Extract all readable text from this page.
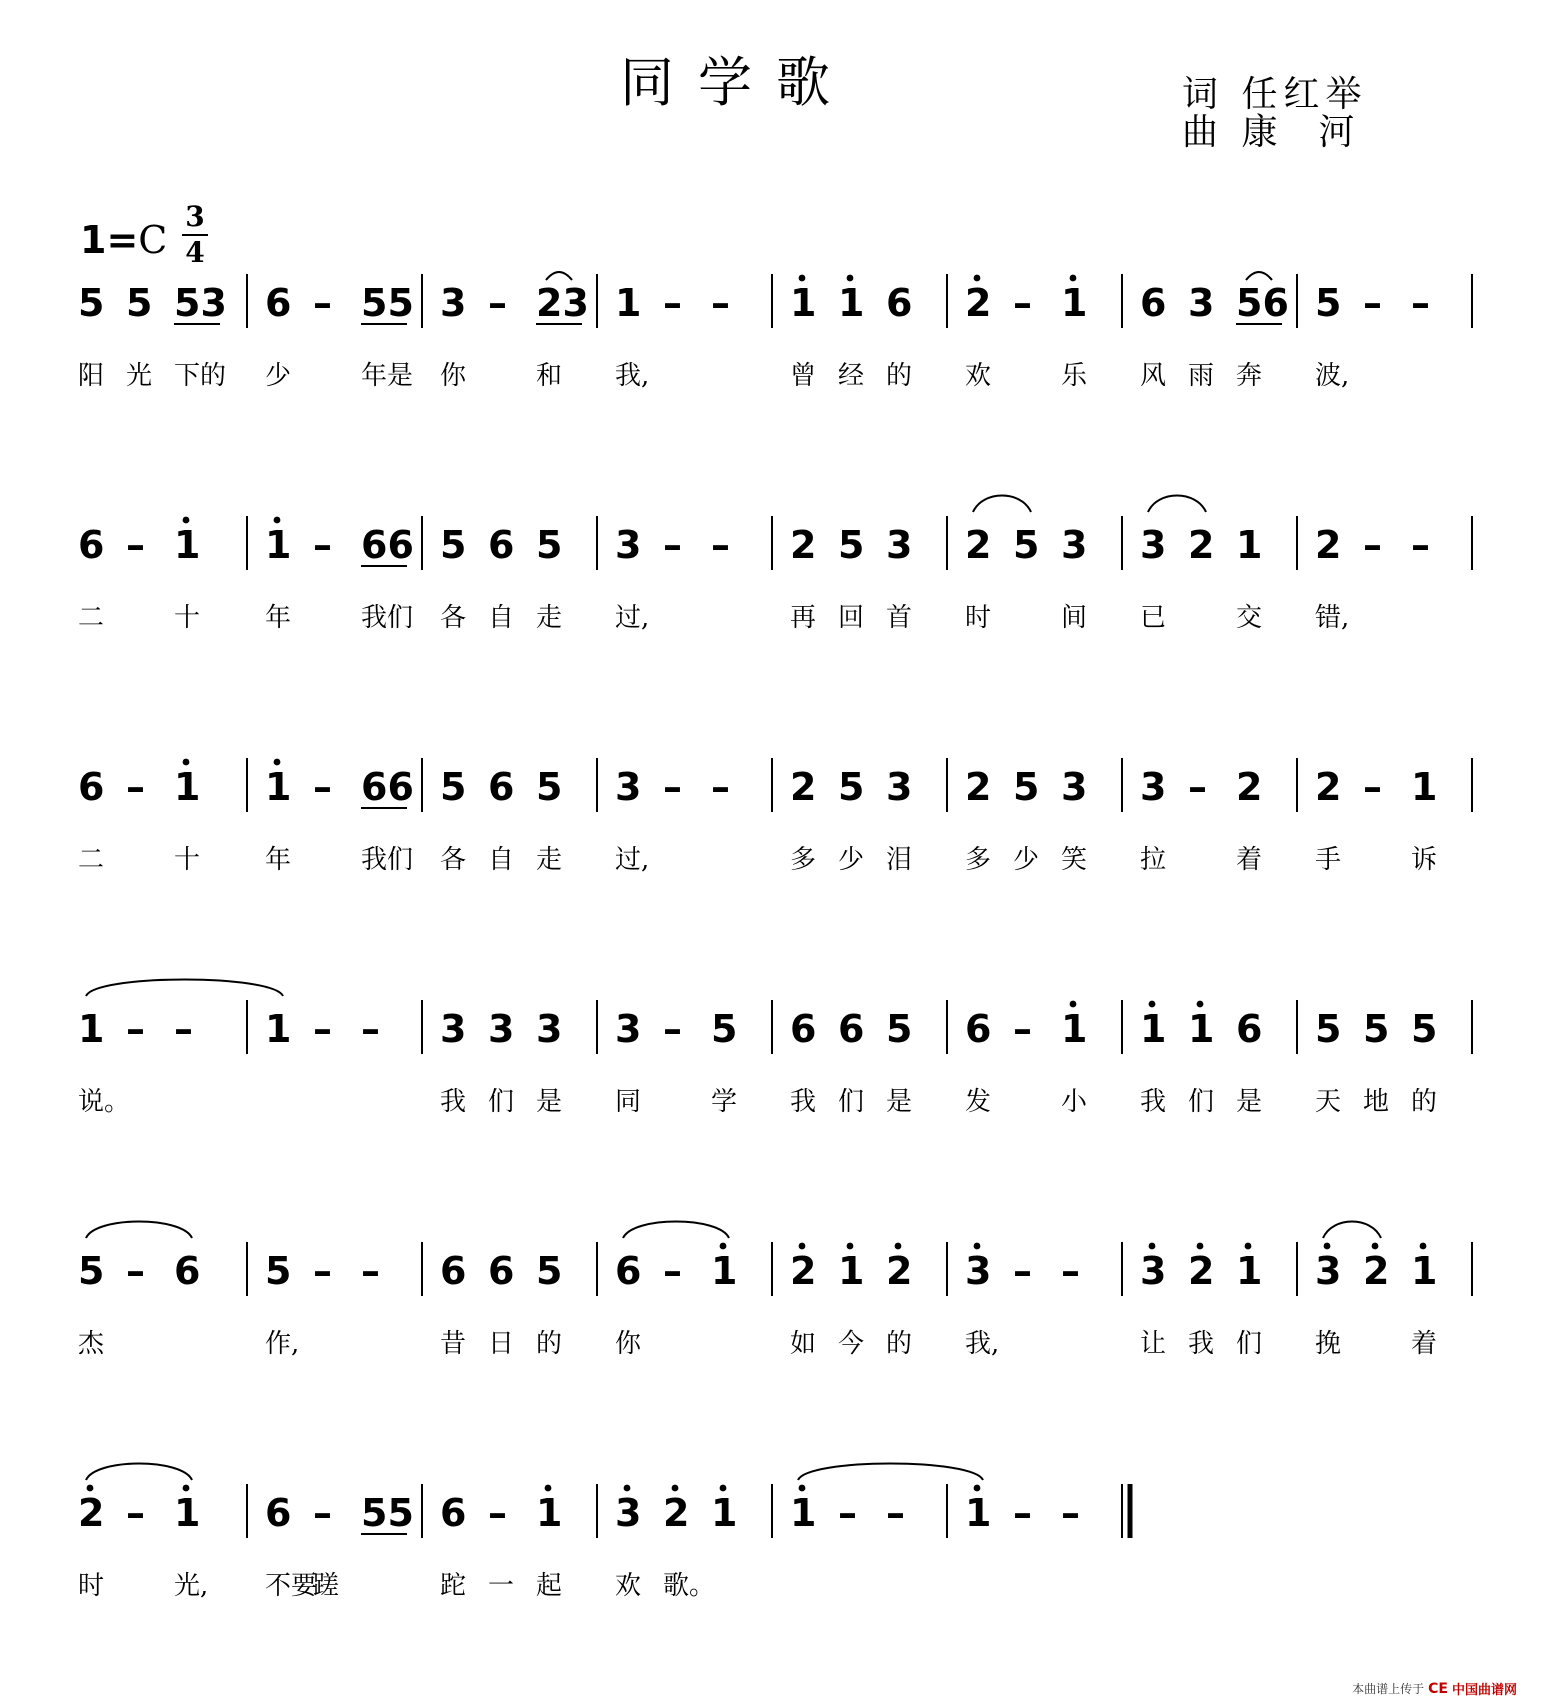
同学歌	词 任红举
曲 康  河
1=C
3
4
5 5 53 6 – 55 3 – 23 1 – – 1 1 6 2 – 1 6 3 56 5 – –
阳 光 下的 少	年是 你	和 我,	曾 经 的 欢	乐 风 雨 奔 波,
6 – 1 1 – 66 5 6 5 3 – – 2 5 3 2 5 3 3 2 1 2 – –
二	十 年	我们 各 自 走 过,	再 回 首 时	间 已	交 错,
6 – 1 1 – 66 5 6 5 3 – – 2 5 3 2 5 3 3 – 2 2 – 1
二	十 年	我们 各 自 走 过,	多 少 泪 多 少 笑 拉	着 手	诉
1 – – 1 – – 3 3 3 3 – 5 6 6 5 6 – 1 1 1 6 5 5 5
说。	我 们 是 同	学 我 们 是 发	小 我 们 是 天 地 的
5 – 6 5 – – 6 6 5 6 – 1 2 1 2 3 – – 3 2 1 3 2 1
杰	作,	昔 日 的 你	如 今 的 我,	让 我 们 挽	着
2 – 1 6 – 55 6 – 1 3 2 1 1 – – 1 – –
时	光, 不要
蹉	跎 一 起 欢 歌。
本曲谱上传于 CE 中国曲谱网
